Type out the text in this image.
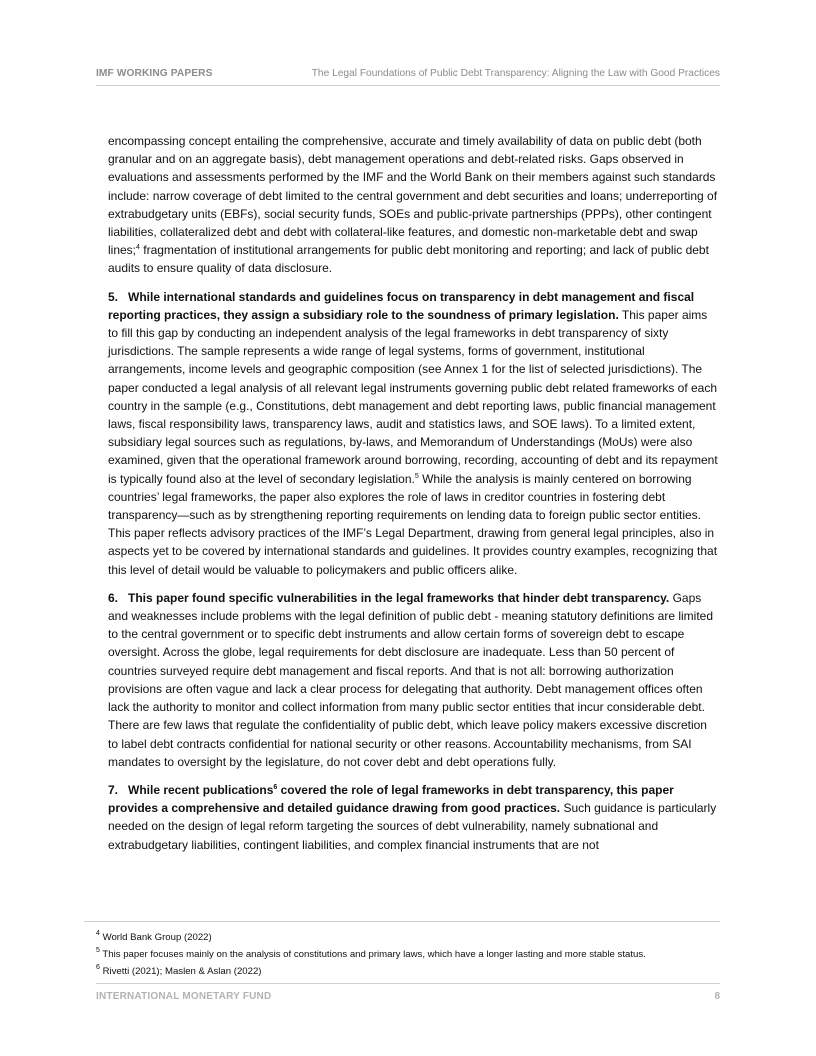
IMF WORKING PAPERS	The Legal Foundations of Public Debt Transparency: Aligning the Law with Good Practices

encompassing concept entailing the comprehensive, accurate and timely availability of data on public debt (both granular and on an aggregate basis), debt management operations and debt-related risks. Gaps observed in evaluations and assessments performed by the IMF and the World Bank on their members against such standards include: narrow coverage of debt limited to the central government and debt securities and loans; underreporting of extrabudgetary units (EBFs), social security funds, SOEs and public-private partnerships (PPPs), other contingent liabilities, collateralized debt and debt with collateral-like features, and domestic non-marketable debt and swap lines;$^4$ fragmentation of institutional arrangements for public debt monitoring and reporting; and lack of public debt audits to ensure quality of data disclosure.

5.   While international standards and guidelines focus on transparency in debt management and fiscal reporting practices, they assign a subsidiary role to the soundness of primary legislation. This paper aims to fill this gap by conducting an independent analysis of the legal frameworks in debt transparency of sixty jurisdictions. The sample represents a wide range of legal systems, forms of government, institutional arrangements, income levels and geographic composition (see Annex 1 for the list of selected jurisdictions). The paper conducted a legal analysis of all relevant legal instruments governing public debt related frameworks of each country in the sample (e.g., Constitutions, debt management and debt reporting laws, public financial management laws, fiscal responsibility laws, transparency laws, audit and statistics laws, and SOE laws). To a limited extent, subsidiary legal sources such as regulations, by-laws, and Memorandum of Understandings (MoUs) were also examined, given that the operational framework around borrowing, recording, accounting of debt and its repayment is typically found also at the level of secondary legislation.$^5$ While the analysis is mainly centered on borrowing countries’ legal frameworks, the paper also explores the role of laws in creditor countries in fostering debt transparency—such as by strengthening reporting requirements on lending data to foreign public sector entities. This paper reflects advisory practices of the IMF’s Legal Department, drawing from general legal principles, also in aspects yet to be covered by international standards and guidelines. It provides country examples, recognizing that this level of detail would be valuable to policymakers and public officers alike.

6.   This paper found specific vulnerabilities in the legal frameworks that hinder debt transparency. Gaps and weaknesses include problems with the legal definition of public debt - meaning statutory definitions are limited to the central government or to specific debt instruments and allow certain forms of sovereign debt to escape oversight. Across the globe, legal requirements for debt disclosure are inadequate. Less than 50 percent of countries surveyed require debt management and fiscal reports. And that is not all: borrowing authorization provisions are often vague and lack a clear process for delegating that authority. Debt management offices often lack the authority to monitor and collect information from many public sector entities that incur considerable debt. There are few laws that regulate the confidentiality of public debt, which leave policy makers excessive discretion to label debt contracts confidential for national security or other reasons. Accountability mechanisms, from SAI mandates to oversight by the legislature, do not cover debt and debt operations fully.

7.   While recent publications$^6$ covered the role of legal frameworks in debt transparency, this paper provides a comprehensive and detailed guidance drawing from good practices. Such guidance is particularly needed on the design of legal reform targeting the sources of debt vulnerability, namely subnational and extrabudgetary liabilities, contingent liabilities, and complex financial instruments that are not

$^4$ World Bank Group (2022)
$^5$ This paper focuses mainly on the analysis of constitutions and primary laws, which have a longer lasting and more stable status.
$^6$ Rivetti (2021); Maslen & Aslan (2022)
INTERNATIONAL MONETARY FUND	8
